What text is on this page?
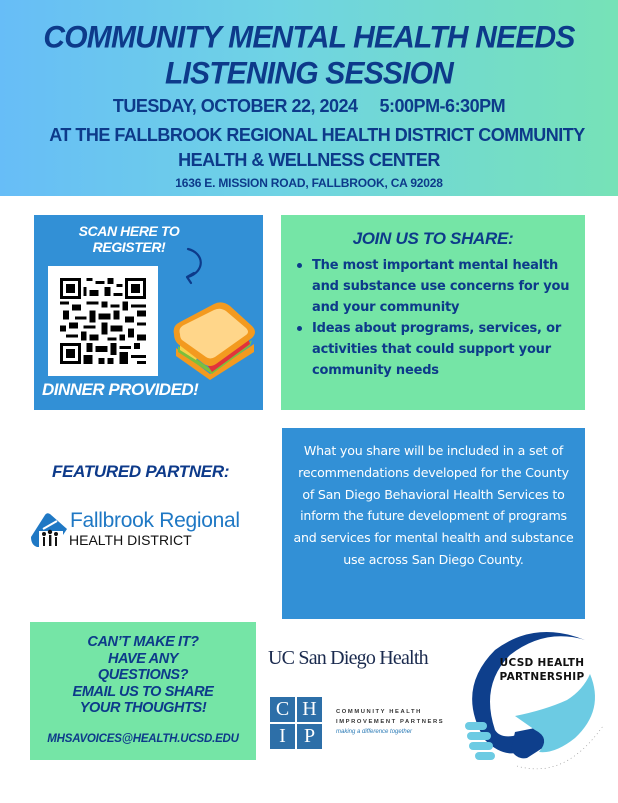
COMMUNITY MENTAL HEALTH NEEDS
LISTENING SESSION
TUESDAY, OCTOBER 22, 2024 5:00PM-6:30PM
AT THE FALLBROOK REGIONAL HEALTH DISTRICT COMMUNITY
HEALTH & WELLNESS CENTER
1636 E. MISSION ROAD, FALLBROOK, CA 92028
SCAN HERE TO REGISTER!
DINNER PROVIDED!
JOIN US TO SHARE:
The most important mental health and substance use concerns for you and your community
Ideas about programs, services, or activities that could support your community needs
FEATURED PARTNER:
Fallbrook Regional
HEALTH DISTRICT
What you share will be included in a set of recommendations developed for the County of San Diego Behavioral Health Services to inform the future development of programs and services for mental health and substance use across San Diego County.
CAN’T MAKE IT?
HAVE ANY
QUESTIONS?
EMAIL US TO SHARE
YOUR THOUGHTS!
MHSAVOICES@HEALTH.UCSD.EDU
UC San Diego Health
C H
I P
COMMUNITY HEALTH
IMPROVEMENT PARTNERS
making a difference together
UCSD HEALTH PARTNERSHIP
